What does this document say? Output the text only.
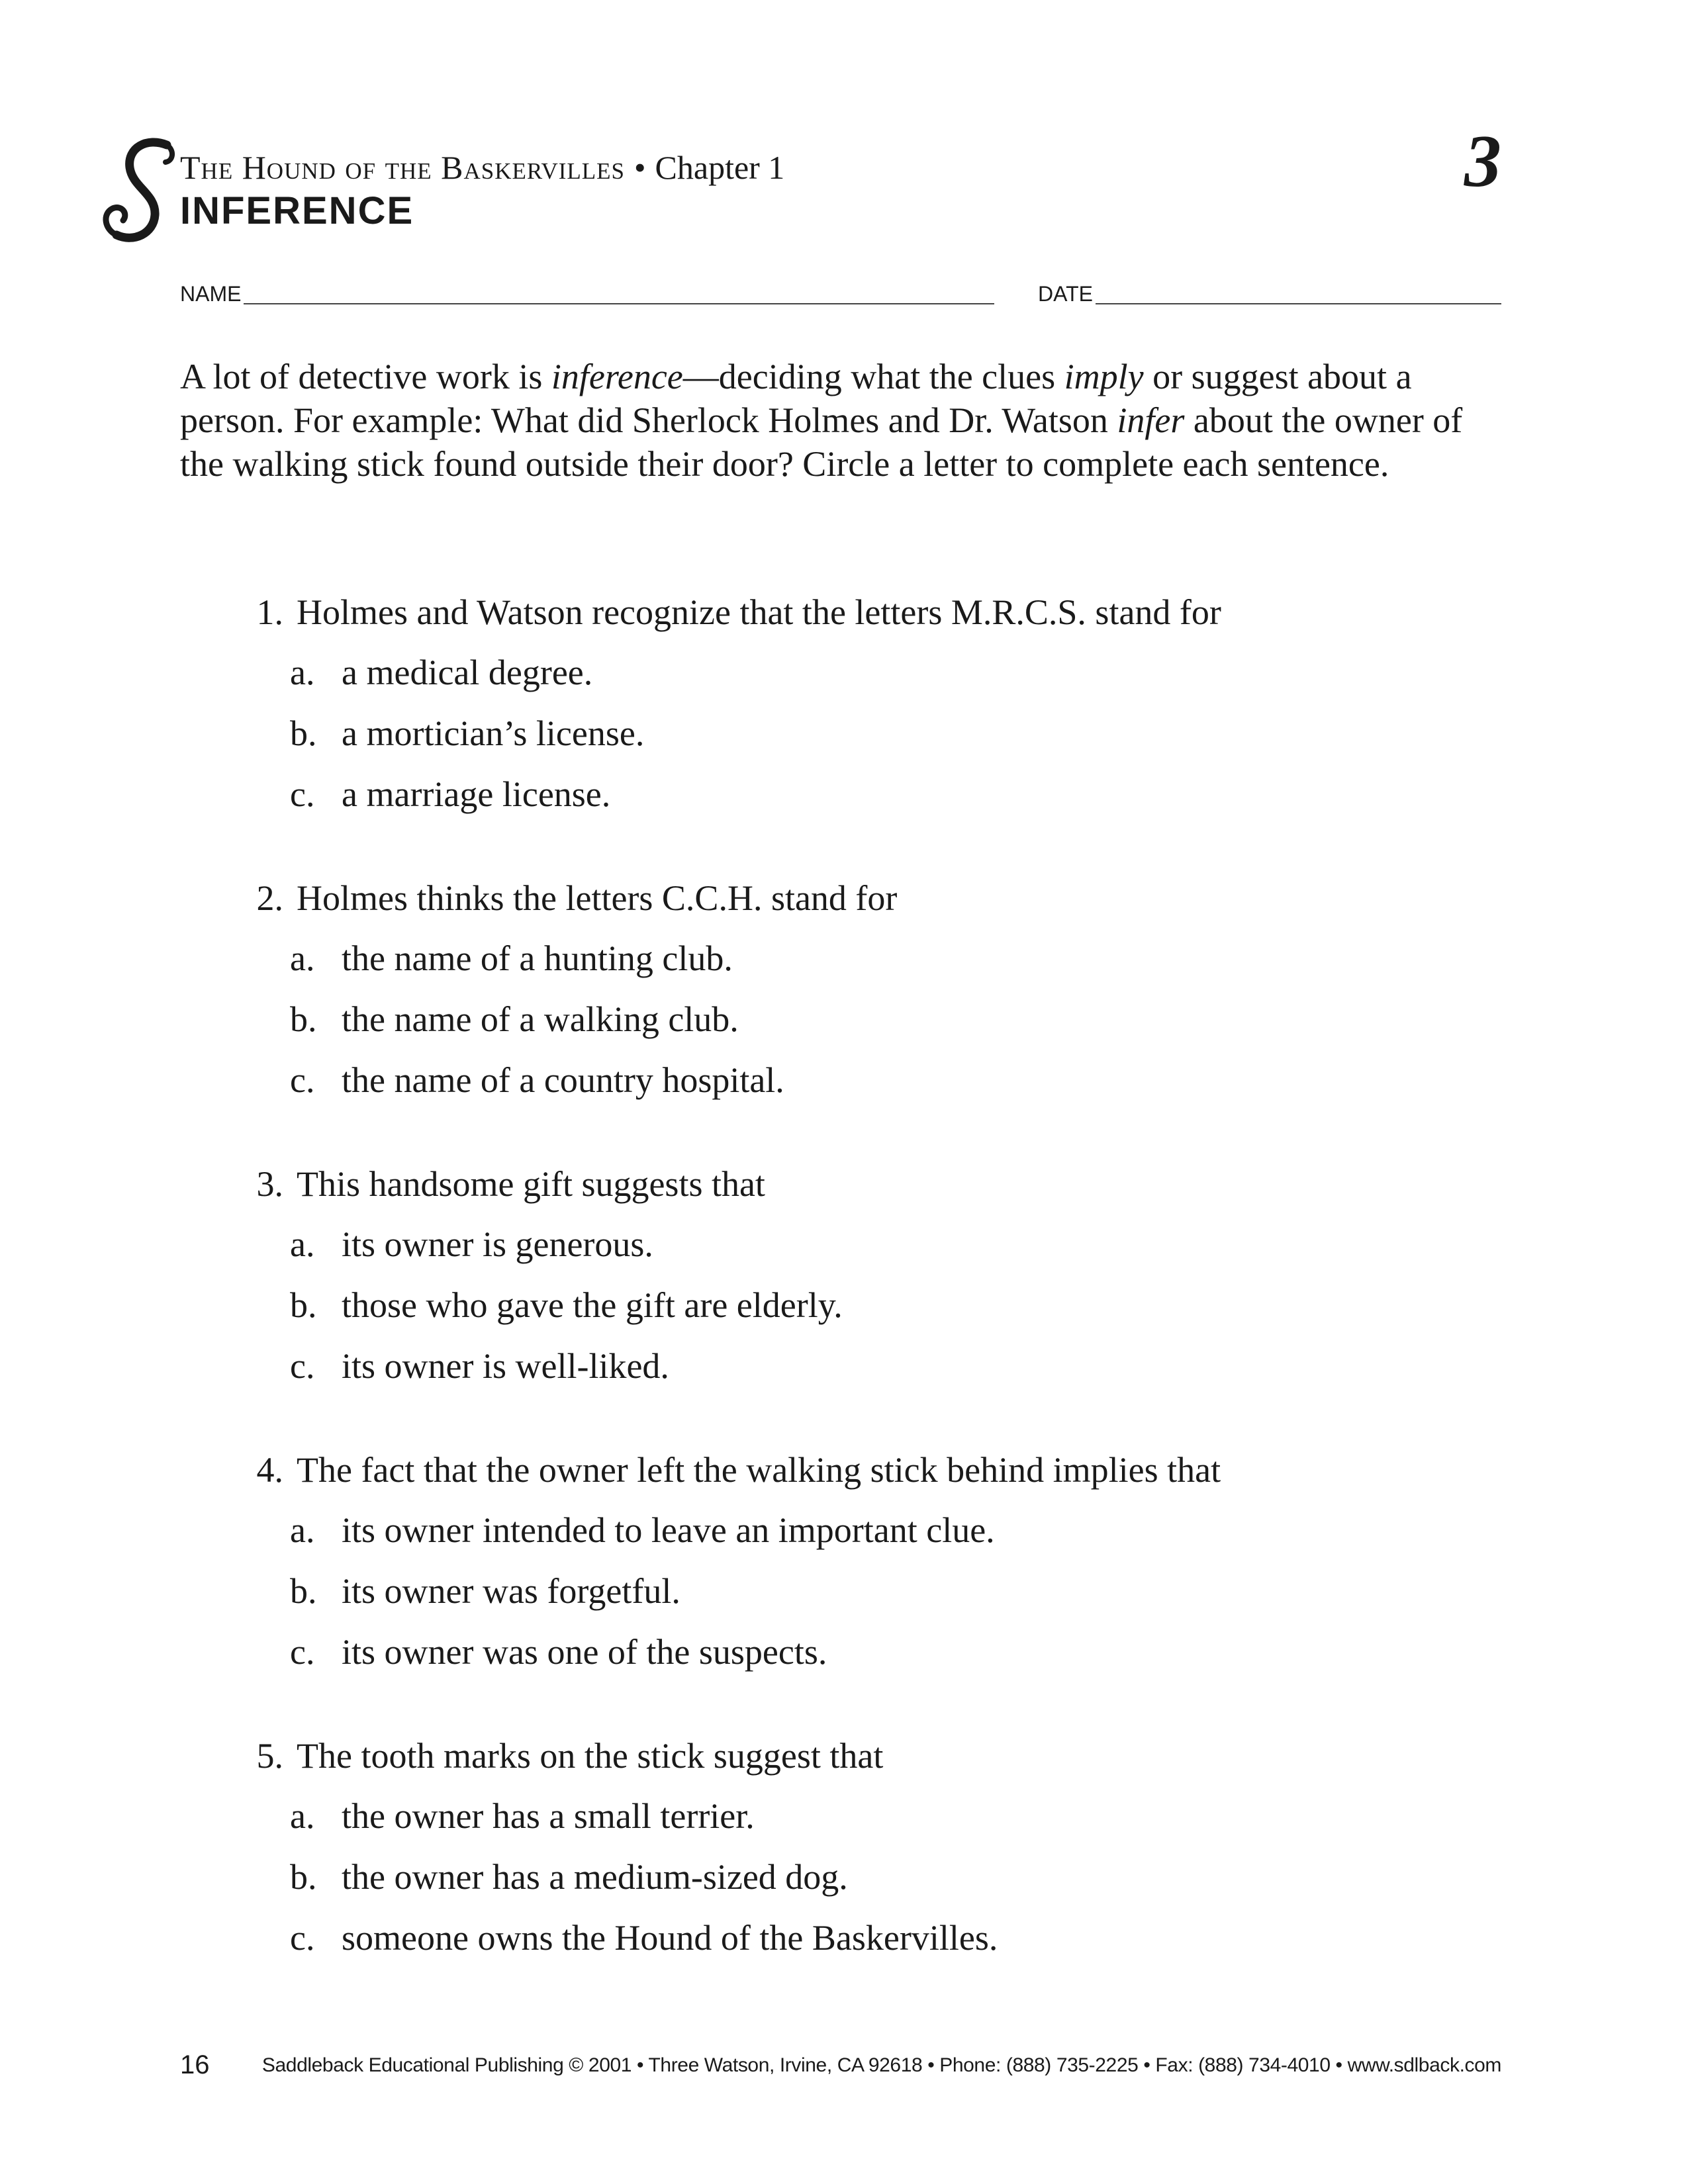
The Hound of the Baskervilles • Chapter 1
INFERENCE
3
NAME	DATE
A lot of detective work is inference—deciding what the clues imply or suggest about a person. For example: What did Sherlock Holmes and Dr. Watson infer about the owner of the walking stick found outside their door? Circle a letter to complete each sentence.
1. Holmes and Watson recognize that the letters M.R.C.S. stand for
a. a medical degree.
b. a mortician’s license.
c. a marriage license.
2. Holmes thinks the letters C.C.H. stand for
a. the name of a hunting club.
b. the name of a walking club.
c. the name of a country hospital.
3. This handsome gift suggests that
a. its owner is generous.
b. those who gave the gift are elderly.
c. its owner is well-liked.
4. The fact that the owner left the walking stick behind implies that
a. its owner intended to leave an important clue.
b. its owner was forgetful.
c. its owner was one of the suspects.
5. The tooth marks on the stick suggest that
a. the owner has a small terrier.
b. the owner has a medium-sized dog.
c. someone owns the Hound of the Baskervilles.
16	Saddleback Educational Publishing © 2001 • Three Watson, Irvine, CA 92618 • Phone: (888) 735-2225 • Fax: (888) 734-4010 • www.sdlback.com
